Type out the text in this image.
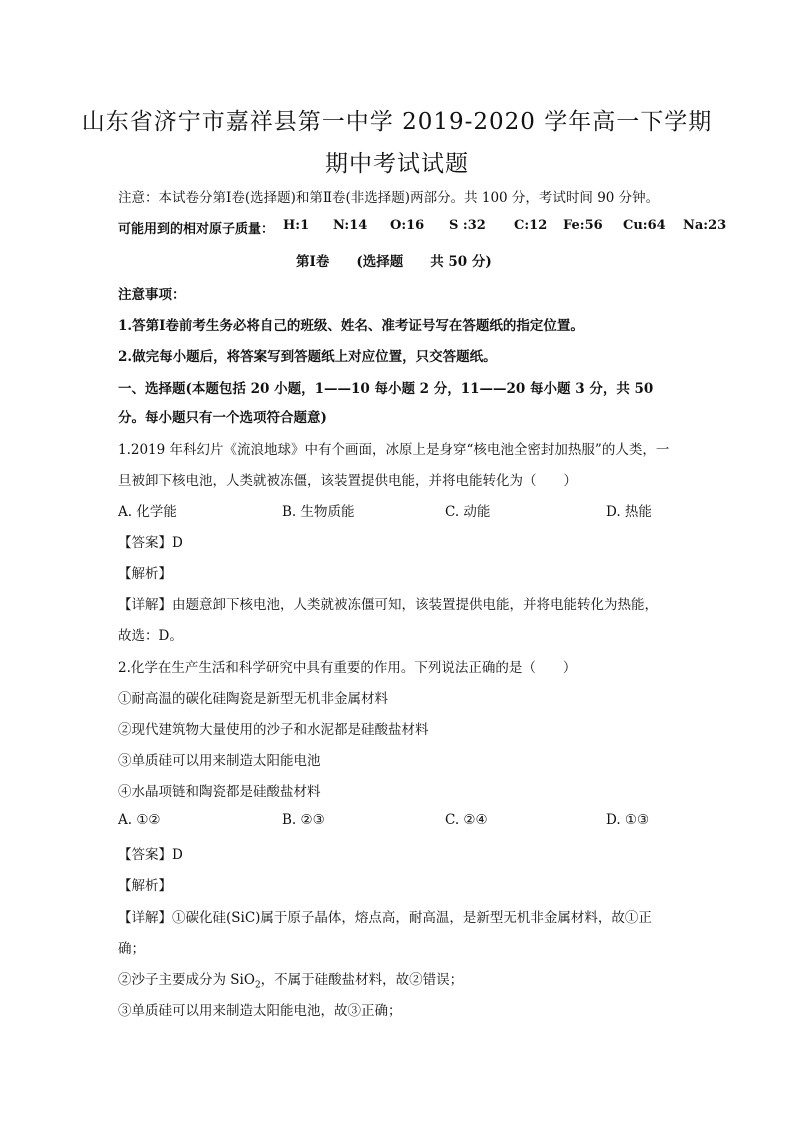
山东省济宁市嘉祥县第一中学 2019-2020 学年高一下学期
期中考试试题
注意：本试卷分第Ⅰ卷(选择题)和第Ⅱ卷(非选择题)两部分。共 100 分，考试时间 90 分钟。
可能用到的相对原子质量： H:1 N:14 O:16 S :32 C:12 Fe:56 Cu:64 Na:23
第Ⅰ卷　　(选择题　　共 50 分)
注意事项：
1.答第Ⅰ卷前考生务必将自己的班级、姓名、准考证号写在答题纸的指定位置。
2.做完每小题后，将答案写到答题纸上对应位置，只交答题纸。
一、选择题(本题包括 20 小题，1——10 每小题 2 分，11——20 每小题 3 分，共 50
分。每小题只有一个选项符合题意)
1.2019 年科幻片《流浪地球》中有个画面，冰原上是身穿“核电池全密封加热服”的人类，一
旦被卸下核电池，人类就被冻僵，该装置提供电能，并将电能转化为（　　）
A. 化学能	B. 生物质能	C. 动能	D. 热能
【答案】D
【解析】
【详解】由题意卸下核电池，人类就被冻僵可知，该装置提供电能，并将电能转化为热能，
故选：D。
2.化学在生产生活和科学研究中具有重要的作用。下列说法正确的是（　　）
①耐高温的碳化硅陶瓷是新型无机非金属材料
②现代建筑物大量使用的沙子和水泥都是硅酸盐材料
③单质硅可以用来制造太阳能电池
④水晶项链和陶瓷都是硅酸盐材料
A. ①②	B. ②③	C. ②④	D. ①③
【答案】D
【解析】
【详解】①碳化硅(SiC)属于原子晶体，熔点高，耐高温，是新型无机非金属材料，故①正
确；
②沙子主要成分为 SiO$_2$，不属于硅酸盐材料，故②错误；
③单质硅可以用来制造太阳能电池，故③正确；
